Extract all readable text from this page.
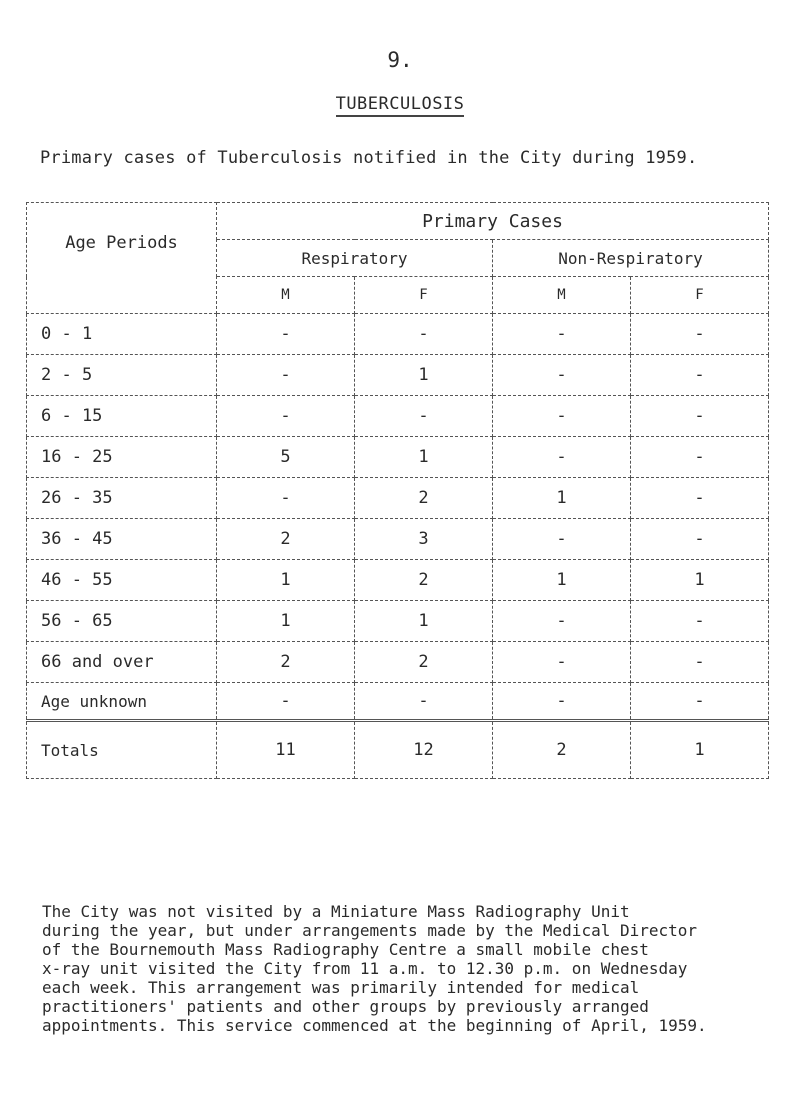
9.
TUBERCULOSIS
Primary cases of Tuberculosis notified in the City during 1959.
Age Periods	Primary Cases			
	Respiratory		Non-Respiratory	
	M	F	M	F
0 - 1	-	-	-	-
2 - 5	-	1	-	-
6 - 15	-	-	-	-
16 - 25	5	1	-	-
26 - 35	-	2	1	-
36 - 45	2	3	-	-
46 - 55	1	2	1	1
56 - 65	1	1	-	-
66 and over	2	2	-	-
Age unknown	-	-	-	-
Totals	11	12	2	1
The City was not visited by a Miniature Mass Radiography Unit
during the year, but under arrangements made by the Medical Director
of the Bournemouth Mass Radiography Centre a small mobile chest
x-ray unit visited the City from 11 a.m. to 12.30 p.m. on Wednesday
each week. This arrangement was primarily intended for medical
practitioners' patients and other groups by previously arranged
appointments. This service commenced at the beginning of April, 1959.
